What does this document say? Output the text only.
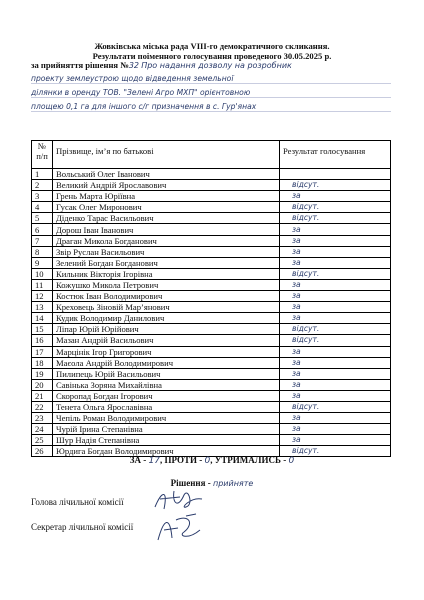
Жовківська міська рада VIII-го демократичного скликання.
Результати поіменного голосування проведеного 30.05.2025 р.
за прийняття рішення №32 Про надання дозволу на розробник
проекту землеустрою щодо відведення земельної
ділянки в оренду ТОВ. "Зелені Агро МХП" орієнтовною
площею 0,1 га для іншого с/г призначення в с. Гур'янах
№ п/п	Прізвище, ім’я по батькові	Результат голосування
1	Вольський Олег Іванович	
2	Великий Андрій Ярославович	відсут.
3	Грень Марта Юріївна	за
4	Гусак Олег Миронович	відсут.
5	Діденко Тарас Васильович	відсут.
6	Дорош Іван Іванович	за
7	Драган Микола Богданович	за
8	Звір Руслан Васильович	за
9	Зелений Богдан Богданович	за
10	Кильник Вікторія Ігорівна	відсут.
11	Кожушко Микола Петрович	за
12	Костюк Іван Володимирович	за
13	Креховець Зіновій Мар’янович	за
14	Кудик Володимир Данилович	за
15	Ліпар Юрій Юрійович	відсут.
16	Мазан Андрій Васильович	відсут.
17	Марцінік Ігор Григорович	за
18	Маєола Андрій Володимирович	за
19	Пилипець Юрій Васильович	за
20	Савінька Зоряна Михайлівна	за
21	Скоропад Богдан Ігорович	за
22	Тенета Ольга Ярославівна	відсут.
23	Чепіль Роман Володимирович	за
24	Чурій Ірина Степанівна	за
25	Шур Надія Степанівна	за
26	Юрдига Богдан Володимирович	відсут.
ЗА - 17, ПРОТИ - 0, УТРИМАЛИСЬ - 0
Рішення - прийняте
Голова лічильної комісії
Секретар лічильної комісії
